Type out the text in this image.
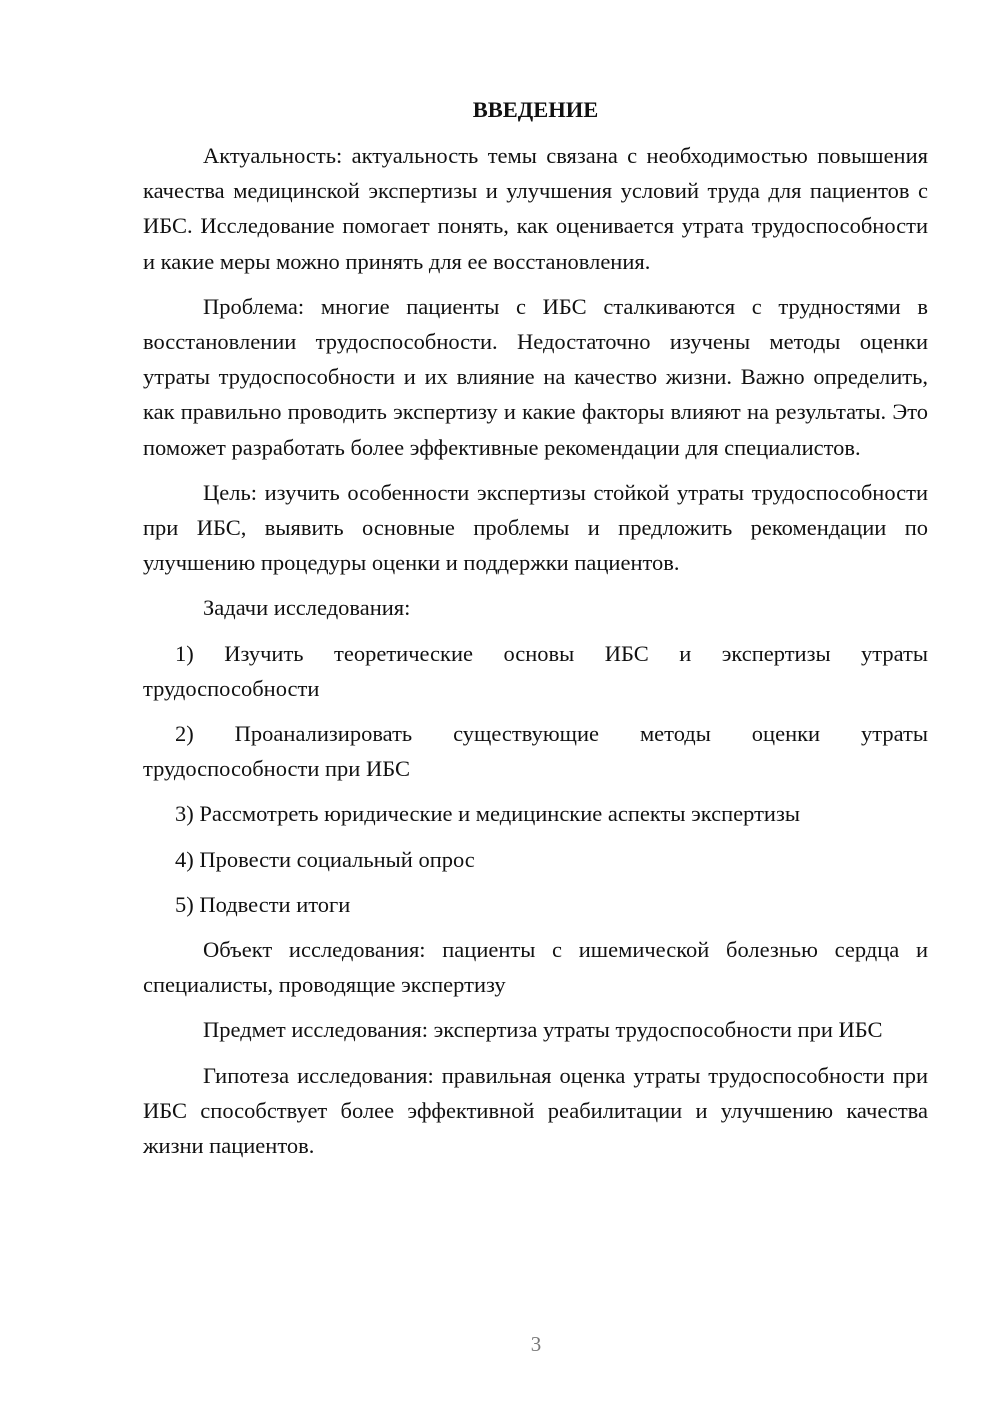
ВВЕДЕНИЕ

Актуальность: актуальность темы связана с необходимостью повышения качества медицинской экспертизы и улучшения условий труда для пациентов с ИБС. Исследование помогает понять, как оценивается утрата трудоспособности и какие меры можно принять для ее восстановления.

Проблема: многие пациенты с ИБС сталкиваются с трудностями в восстановлении трудоспособности. Недостаточно изучены методы оценки утраты трудоспособности и их влияние на качество жизни. Важно определить, как правильно проводить экспертизу и какие факторы влияют на результаты. Это поможет разработать более эффективные рекомендации для специалистов.

Цель: изучить особенности экспертизы стойкой утраты трудоспособности при ИБС, выявить основные проблемы и предложить рекомендации по улучшению процедуры оценки и поддержки пациентов.

Задачи исследования:

1) Изучить теоретические основы ИБС и экспертизы утраты трудоспособности

2) Проанализировать существующие методы оценки утраты трудоспособности при ИБС

3) Рассмотреть юридические и медицинские аспекты экспертизы

4) Провести социальный опрос

5) Подвести итоги

Объект исследования: пациенты с ишемической болезнью сердца и специалисты, проводящие экспертизу

Предмет исследования: экспертиза утраты трудоспособности при ИБС

Гипотеза исследования: правильная оценка утраты трудоспособности при ИБС способствует более эффективной реабилитации и улучшению качества жизни пациентов.

3
